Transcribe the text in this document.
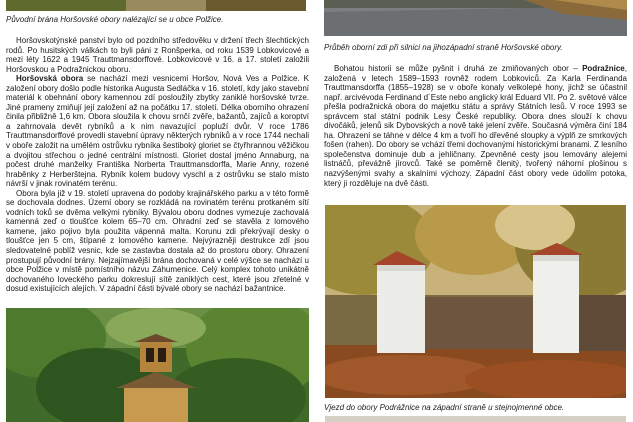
Původní brána Horšovské obory nalézající se u obce Polžice.

Horšovskotýnské panství bylo od pozdního středověku v držení třech šlechtických rodů. Po husitských válkách to byli páni z Ronšperka, od roku 1539 Lobkovicové a mezi léty 1622 a 1945 Trauttmansdorffové. Lobkovicové v 16. a 17. století založili Horšovskou a Podražnickou oboru.

Horšovská obora se nachází mezi vesnicemi Horšov, Nová Ves a Polžice. K založení obory došlo podle historika Augusta Sedláčka v 16. století, kdy jako stavební materiál k obehnání obory kamennou zdí posloužily zbytky zaniklé horšovské tvrze. Jiné prameny zmiňují její založení až na počátku 17. století. Délka oborního ohrazení činila přibližně 1,6 km. Obora sloužila k chovu srnčí zvěře, bažantů, zajíců a koroptví a zahrnovala devět rybníků a k nim navazující popluží dvůr. V roce 1786 Trauttmansdorffové provedli stavební úpravy některých rybníků a v roce 1744 nechali v oboře založit na umělém ostrůvku rybníka šestiboký gloriet se čtyřhrannou věžičkou a dvojitou střechou o jedné centrální místnosti. Gloriet dostal jméno Annaburg, na počest druhé manželky Františka Norberta Trauttmansdorffa, Marie Anny, rozené hraběnky z Herberštejna. Rybník kolem budovy vyschl a z ostrůvku se stalo místo návrší v jinak rovinatém terénu.

Obora byla již v 19. století upravena do podoby krajinářského parku a v této formě se dochovala dodnes. Území obory se rozkládá na rovinatém terénu protkaném sítí vodních toků se dvěma velkými rybníky. Bývalou oboru dodnes vymezuje zachovalá kamenná zeď o tloušťce kolem 65–70 cm. Ohradní zeď se stavěla z lomového kamene, jako pojivo byla použita vápenná malta. Korunu zdi překrývají desky o tloušťce jen 5 cm, štípané z lomového kamene. Nejvýrazněji destrukce zdí jsou sledovatelné poblíž vesnic, kde se zastavba dostala až do prostoru obory. Ohrazení prostupují původní brány. Nejzajímavější brána dochovaná v celé výšce se nachází u obce Polžice v místě pomístního názvu Záhumenice. Celý komplex tohoto unikátně dochovaného loveckého parku dokreslují sítě zaniklých cest, které jsou zřetelné v dosud existujících alejích. V západní části bývalé obory se nachází bažantnice.

Průběh oborní zdi při silnici na jihozápadní straně Horšovské obory.

Bohatou historii se může pyšnit i druhá ze zmiňovaných obor – Podražnice, založená v letech 1589–1593 rovněž rodem Lobkoviců. Za Karla Ferdinanda Trauttmansdorffa (1855–1928) se v oboře konaly velkolepé hony, jichž se účastnil např. arcivévoda Ferdinand d´Este nebo anglický král Eduard VII. Po 2. světové válce přešla podražnická obora do majetku státu a správy Státních lesů. V roce 1993 se správcem stal státní podnik Lesy České republiky. Obora dnes slouží k chovu divočáků, jelenů sik Dybovských a nově také jelení zvěře. Současná výměra činí 184 ha. Ohrazení se táhne v délce 4 km a tvoří ho dřevěné sloupky a výplň ze smrkových fošen (rahen). Do obory se vchází třemi dochovanými historickými branami. Z lesního společenstva dominuje dub a jehličnany. Zpevněné cesty jsou lemovány alejemi listnáčů, převážně jírovců. Také se poměrně členitý, tvořený náhorní plošinou s nazvýšenými svahy a skalními výchozy. Západní část obory vede údolím potoka, který ji rozděluje na dvě části.

Vjezd do obory Podrážnice na západní straně u stejnojmenné obce.
